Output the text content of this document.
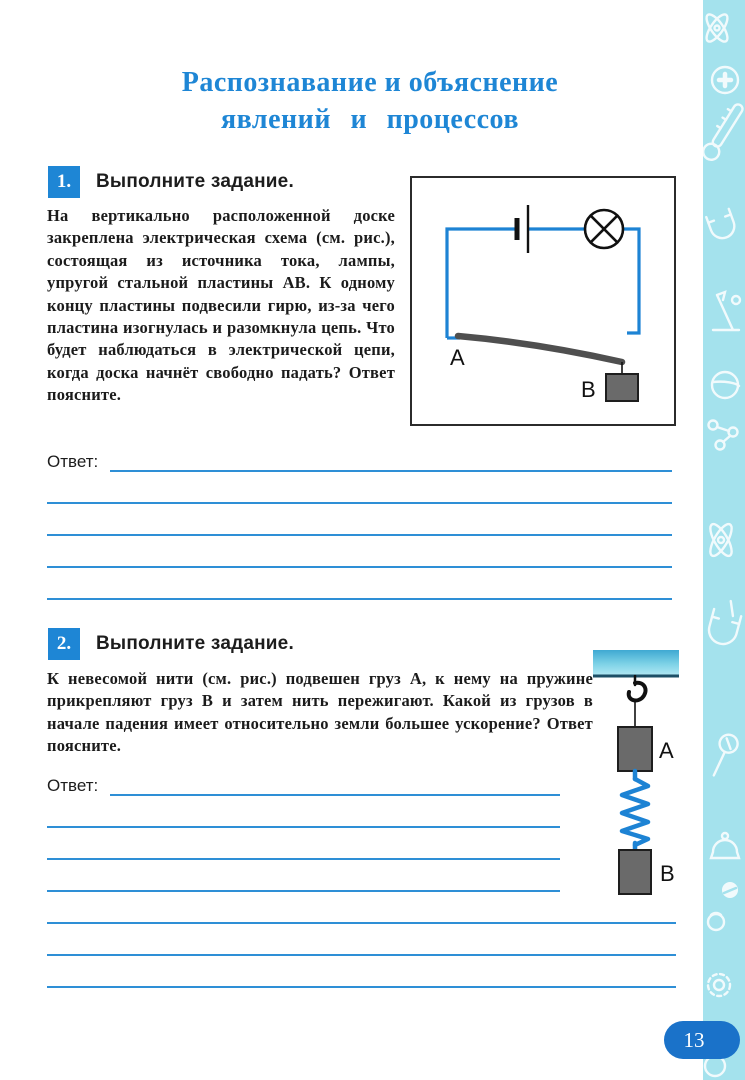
Распознавание и объяснение
явлений и процессов
1.	Выполните задание.
На вертикально расположенной доске закреплена электрическая схема (см. рис.), состоящая из источника тока, лампы, упругой стальной пластины АВ. К одному концу пластины подвесили гирю, из-за чего пластина изогнулась и разомкнула цепь. Что будет наблюдаться в электрической цепи, когда доска начнёт свободно падать? Ответ поясните.
А
В
Ответ:
2.	Выполните задание.
К невесомой нити (см. рис.) подвешен груз А, к нему на пружине прикрепляют груз В и затем нить пережигают. Какой из грузов в начале падения имеет относительно земли большее ускорение? Ответ поясните.	А
В
Ответ:
13
